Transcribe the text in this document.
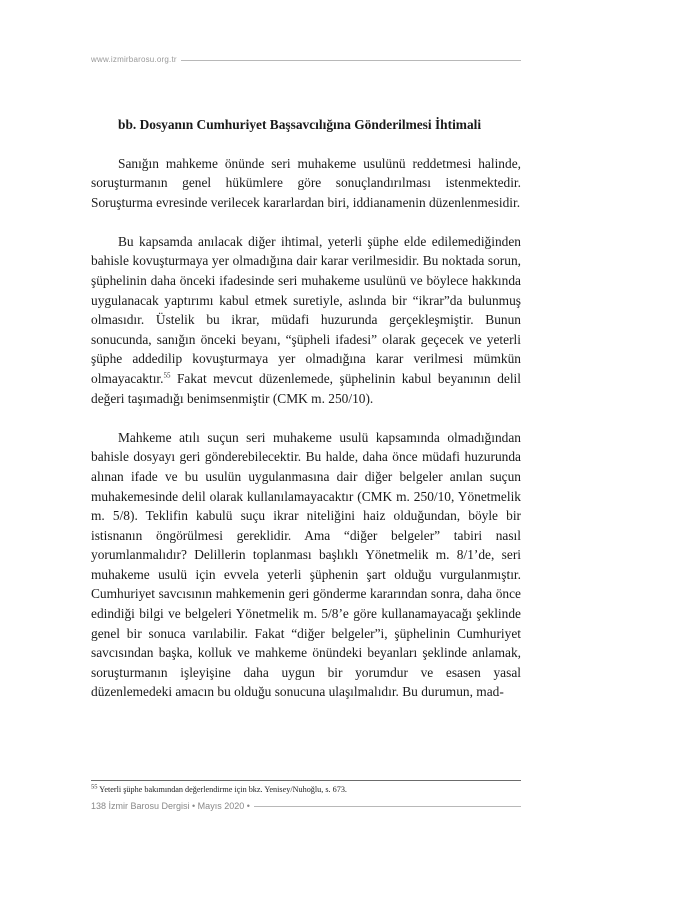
www.izmirbarosu.org.tr
bb. Dosyanın Cumhuriyet Başsavcılığına Gönderilmesi İhtimali

Sanığın mahkeme önünde seri muhakeme usulünü reddetmesi halinde, soruşturmanın genel hükümlere göre sonuçlandırılması istenmektedir. Soruşturma evresinde verilecek kararlardan biri, iddianamenin düzenlenmesidir.

Bu kapsamda anılacak diğer ihtimal, yeterli şüphe elde edilemediğinden bahisle kovuşturmaya yer olmadığına dair karar verilmesidir. Bu noktada sorun, şüphelinin daha önceki ifadesinde seri muhakeme usulünü ve böylece hakkında uygulanacak yaptırımı kabul etmek suretiyle, aslında bir “ikrar”da bulunmuş olmasıdır. Üstelik bu ikrar, müdafi huzurunda gerçekleşmiştir. Bunun sonucunda, sanığın önceki beyanı, “şüpheli ifadesi” olarak geçecek ve yeterli şüphe addedilip kovuşturmaya yer olmadığına karar verilmesi mümkün olmayacaktır.$^{55}$ Fakat mevcut düzenlemede, şüphelinin kabul beyanının delil değeri taşımadığı benimsenmiştir (CMK m. 250/10).

Mahkeme atılı suçun seri muhakeme usulü kapsamında olmadığından bahisle dosyayı geri gönderebilecektir. Bu halde, daha önce müdafi huzurunda alınan ifade ve bu usulün uygulanmasına dair diğer belgeler anılan suçun muhakemesinde delil olarak kullanılamayacaktır (CMK m. 250/10, Yönetmelik m. 5/8). Teklifin kabulü suçu ikrar niteliğini haiz olduğundan, böyle bir istisnanın öngörülmesi gereklidir. Ama “diğer belgeler” tabiri nasıl yorumlanmalıdır? Delillerin toplanması başlıklı Yönetmelik m. 8/1’de, seri muhakeme usulü için evvela yeterli şüphenin şart olduğu vurgulanmıştır. Cumhuriyet savcısının mahkemenin geri gönderme kararından sonra, daha önce edindiği bilgi ve belgeleri Yönetmelik m. 5/8’e göre kullanamayacağı şeklinde genel bir sonuca varılabilir. Fakat “diğer belgeler”i, şüphelinin Cumhuriyet savcısından başka, kolluk ve mahkeme önündeki beyanları şeklinde anlamak, soruşturmanın işleyişine daha uygun bir yorumdur ve esasen yasal düzenlemedeki amacın bu olduğu sonucuna ulaşılmalıdır. Bu durumun, mad-

$^{55}$ Yeterli şüphe bakımından değerlendirme için bkz. Yenisey/Nuhoğlu, s. 673.
138 İzmir Barosu Dergisi • Mayıs 2020 •
